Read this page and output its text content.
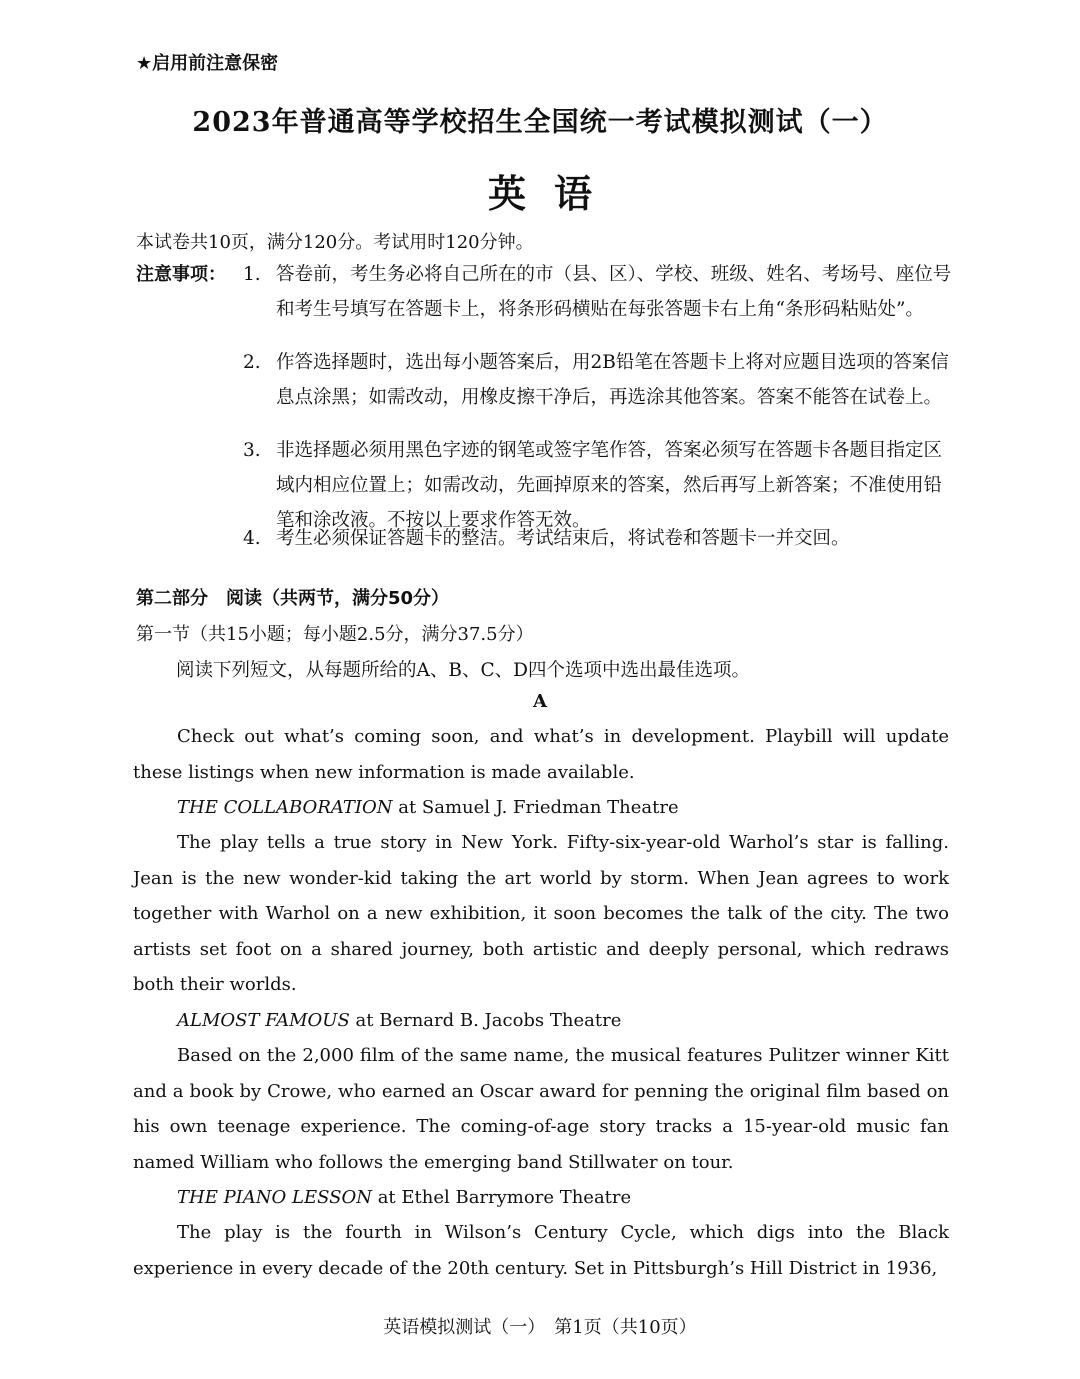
★启用前注意保密
2023年普通高等学校招生全国统一考试模拟测试（一）
英语
本试卷共10页，满分120分。考试用时120分钟。
注意事项： 1. 答卷前，考生务必将自己所在的市（县、区）、学校、班级、姓名、考场号、座位号和考生号填写在答题卡上，将条形码横贴在每张答题卡右上角“条形码粘贴处”。
2. 作答选择题时，选出每小题答案后，用2B铅笔在答题卡上将对应题目选项的答案信息点涂黑；如需改动，用橡皮擦干净后，再选涂其他答案。答案不能答在试卷上。
3. 非选择题必须用黑色字迹的钢笔或签字笔作答，答案必须写在答题卡各题目指定区域内相应位置上；如需改动，先画掉原来的答案，然后再写上新答案；不准使用铅笔和涂改液。不按以上要求作答无效。
4. 考生必须保证答题卡的整洁。考试结束后，将试卷和答题卡一并交回。
第二部分　阅读（共两节，满分50分）
第一节（共15小题；每小题2.5分，满分37.5分）
阅读下列短文，从每题所给的A、B、C、D四个选项中选出最佳选项。
A

Check out what’s coming soon, and what’s in development. Playbill will update these listings when new information is made available.

THE COLLABORATION at Samuel J. Friedman Theatre

The play tells a true story in New York. Fifty-six-year-old Warhol’s star is falling. Jean is the new wonder-kid taking the art world by storm. When Jean agrees to work together with Warhol on a new exhibition, it soon becomes the talk of the city. The two artists set foot on a shared journey, both artistic and deeply personal, which redraws both their worlds.

ALMOST FAMOUS at Bernard B. Jacobs Theatre

Based on the 2,000 film of the same name, the musical features Pulitzer winner Kitt and a book by Crowe, who earned an Oscar award for penning the original film based on his own teenage experience. The coming-of-age story tracks a 15-year-old music fan named William who follows the emerging band Stillwater on tour.

THE PIANO LESSON at Ethel Barrymore Theatre

The play is the fourth in Wilson’s Century Cycle, which digs into the Black experience in every decade of the 20th century. Set in Pittsburgh’s Hill District in 1936,

英语模拟测试（一）　第1页（共10页）
